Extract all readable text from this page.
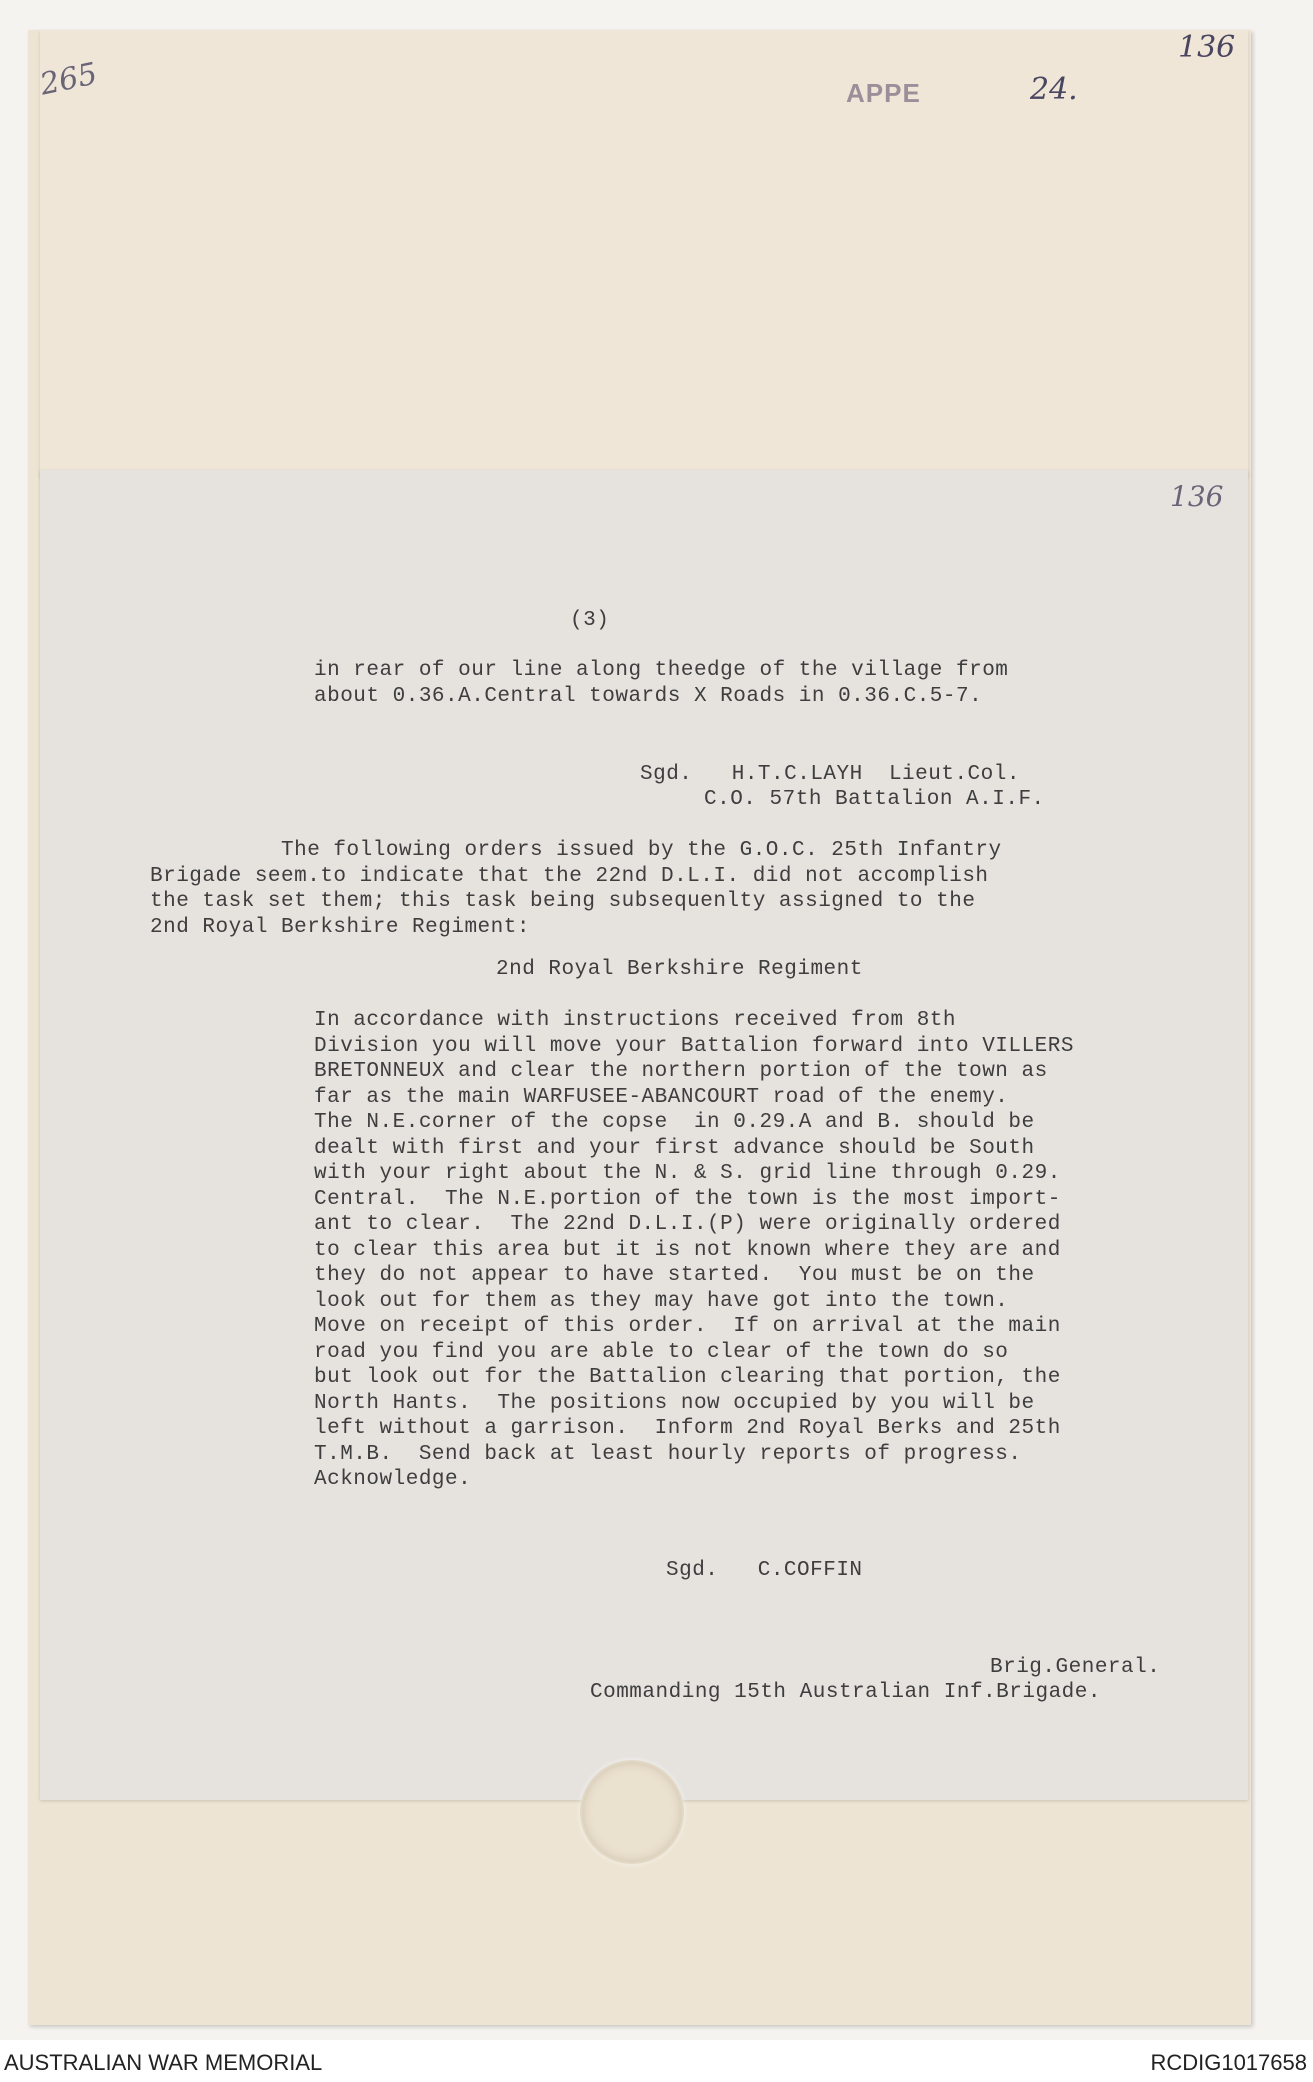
136
265	APPE	24.
136
(3)
in rear of our line along theedge of the village from
about 0.36.A.Central towards X Roads in 0.36.C.5-7.
Sgd.   H.T.C.LAYH  Lieut.Col.
C.O. 57th Battalion A.I.F.
The following orders issued by the G.O.C. 25th Infantry
Brigade seem.to indicate that the 22nd D.L.I. did not accomplish
the task set them; this task being subsequenlty assigned to the
2nd Royal Berkshire Regiment:
2nd Royal Berkshire Regiment
In accordance with instructions received from 8th
Division you will move your Battalion forward into VILLERS
BRETONNEUX and clear the northern portion of the town as
far as the main WARFUSEE-ABANCOURT road of the enemy.
The N.E.corner of the copse  in 0.29.A and B. should be
dealt with first and your first advance should be South
with your right about the N. & S. grid line through 0.29.
Central.  The N.E.portion of the town is the most import-
ant to clear.  The 22nd D.L.I.(P) were originally ordered
to clear this area but it is not known where they are and
they do not appear to have started.  You must be on the
look out for them as they may have got into the town.
Move on receipt of this order.  If on arrival at the main
road you find you are able to clear of the town do so
but look out for the Battalion clearing that portion, the
North Hants.  The positions now occupied by you will be
left without a garrison.  Inform 2nd Royal Berks and 25th
T.M.B.  Send back at least hourly reports of progress.
Acknowledge.
Sgd.   C.COFFIN
Brig.General.
Commanding 15th Australian Inf.Brigade.
AUSTRALIAN WAR MEMORIAL	RCDIG1017658
